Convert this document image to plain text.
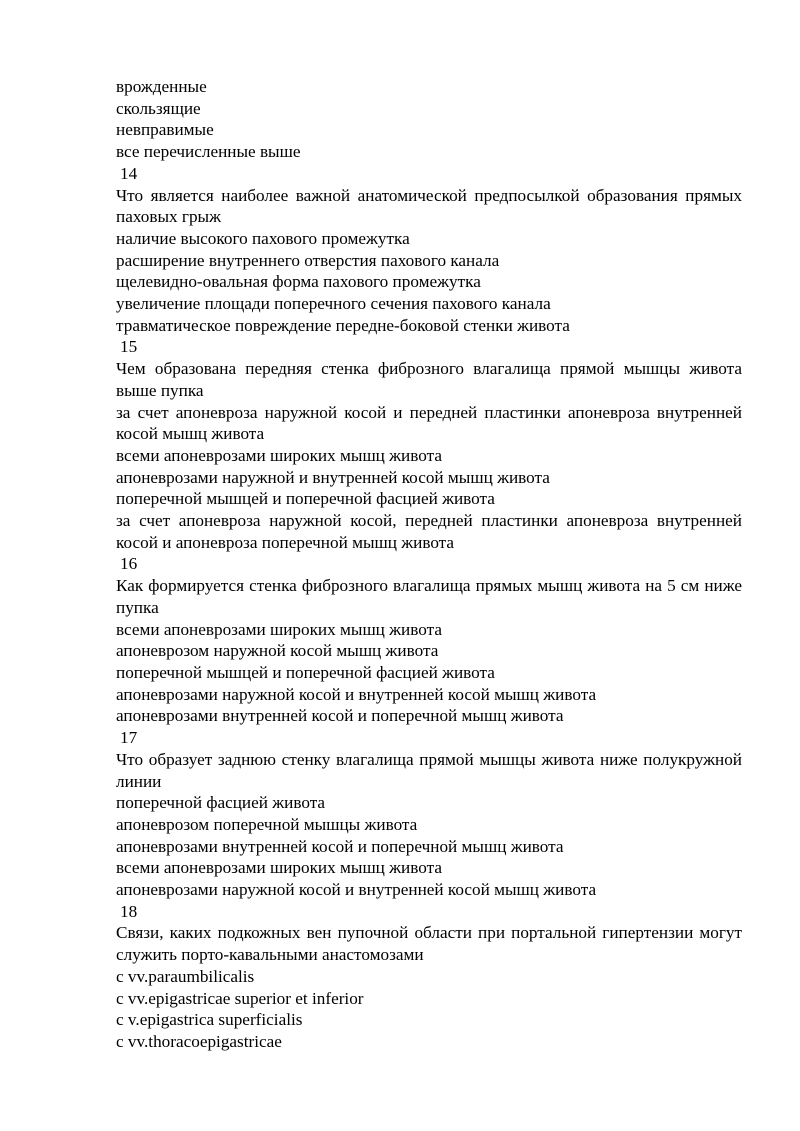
врожденные

скользящие

невправимые

все перечисленные выше

14

Что является наиболее важной анатомической предпосылкой образования прямых паховых грыж

наличие высокого пахового промежутка

расширение внутреннего отверстия пахового канала

щелевидно-овальная форма пахового промежутка

увеличение площади поперечного сечения пахового канала

травматическое повреждение передне-боковой стенки живота

15

Чем образована передняя стенка фиброзного влагалища прямой мышцы живота выше пупка

за счет апоневроза наружной косой и передней пластинки апоневроза внутренней косой мышц живота

всеми апоневрозами широких мышц живота

апоневрозами наружной и внутренней косой мышц живота

поперечной мышцей и поперечной фасцией живота

за счет апоневроза наружной косой, передней пластинки апоневроза внутренней косой и апоневроза поперечной мышц живота

16

Как формируется стенка фиброзного влагалища прямых мышц живота на 5 см ниже пупка

всеми апоневрозами широких мышц живота

апоневрозом наружной косой мышц живота

поперечной мышцей и поперечной фасцией живота

апоневрозами наружной косой и внутренней косой мышц живота

апоневрозами внутренней косой и поперечной мышц живота

17

Что образует заднюю стенку влагалища прямой мышцы живота ниже полукружной линии

поперечной фасцией живота

апоневрозом поперечной мышцы живота

апоневрозами внутренней косой и поперечной мышц живота

всеми апоневрозами широких мышц живота

апоневрозами наружной косой и внутренней косой мышц живота

18

Связи, каких подкожных вен пупочной области при портальной гипертензии могут служить порто-кавальными анастомозами

с vv.paraumbilicalis

с vv.epigastricae superior et inferior

с v.epigastrica superficialis

с vv.thoracoepigastricae
